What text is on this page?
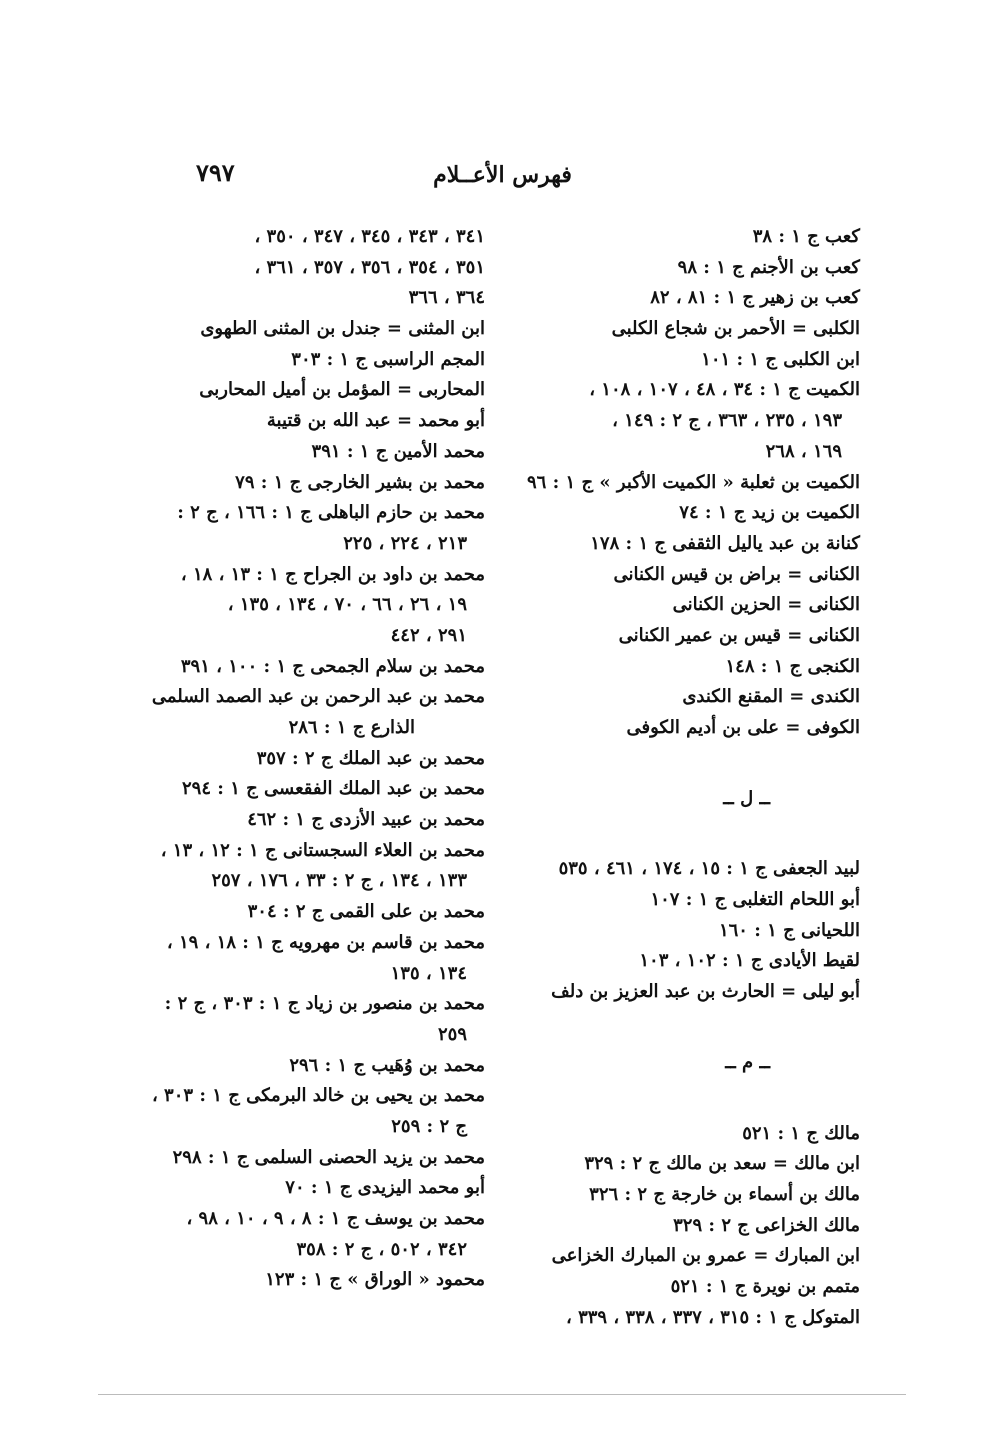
فهرس الأعــلام
٧٩٧
كعب ج ١ : ٣٨
كعب بن الأجنم ج ١ : ٩٨
كعب بن زهير ج ١ : ٨١ ، ٨٢
الكلبى = الأحمر بن شجاع الكلبى
ابن الكلبى ج ١ : ١٠١
الكميت ج ١ : ٣٤ ، ٤٨ ، ١٠٧ ، ١٠٨ ،
١٩٣ ، ٢٣٥ ، ٣٦٣ ، ج ٢ : ١٤٩ ،
١٦٩ ، ٢٦٨
الكميت بن ثعلبة « الكميت الأكبر » ج ١ : ٩٦
الكميت بن زيد ج ١ : ٧٤
كنانة بن عبد ياليل الثقفى ج ١ : ١٧٨
الكنانى = براض بن قيس الكنانى
الكنانى = الحزين الكنانى
الكنانى = قيس بن عمير الكنانى
الكنجى ج ١ : ١٤٨
الكندى = المقنع الكندى
الكوفى = على بن أديم الكوفى
ــ ل ــ
لبيد الجعفى ج ١ : ١٥ ، ١٧٤ ، ٤٦١ ، ٥٣٥
أبو اللحام التغلبى ج ١ : ١٠٧
اللحيانى ج ١ : ١٦٠
لقيط الأيادى ج ١ : ١٠٢ ، ١٠٣
أبو ليلى = الحارث بن عبد العزيز بن دلف
ــ م ــ
مالك ج ١ : ٥٢١
ابن مالك = سعد بن مالك ج ٢ : ٣٢٩
مالك بن أسماء بن خارجة ج ٢ : ٣٢٦
مالك الخزاعى ج ٢ : ٣٢٩
ابن المبارك = عمرو بن المبارك الخزاعى
متمم بن نويرة ج ١ : ٥٢١
المتوكل ج ١ : ٣١٥ ، ٣٣٧ ، ٣٣٨ ، ٣٣٩ ،
٣٤١ ، ٣٤٣ ، ٣٤٥ ، ٣٤٧ ، ٣٥٠ ،
٣٥١ ، ٣٥٤ ، ٣٥٦ ، ٣٥٧ ، ٣٦١ ،
٣٦٤ ، ٣٦٦
ابن المثنى = جندل بن المثنى الطهوى
المجم الراسبى ج ١ : ٣٠٣
المحاربى = المؤمل بن أميل المحاربى
أبو محمد = عبد الله بن قتيبة
محمد الأمين ج ١ : ٣٩١
محمد بن بشير الخارجى ج ١ : ٧٩
محمد بن حازم الباهلى ج ١ : ١٦٦ ، ج ٢ :
٢١٣ ، ٢٢٤ ، ٢٢٥
محمد بن داود بن الجراح ج ١ : ١٣ ، ١٨ ،
١٩ ، ٢٦ ، ٦٦ ، ٧٠ ، ١٣٤ ، ١٣٥ ،
٢٩١ ، ٤٤٢
محمد بن سلام الجمحى ج ١ : ١٠٠ ، ٣٩١
محمد بن عبد الرحمن بن عبد الصمد السلمى
الذارع ج ١ : ٢٨٦
محمد بن عبد الملك ج ٢ : ٣٥٧
محمد بن عبد الملك الفقعسى ج ١ : ٢٩٤
محمد بن عبيد الأزدى ج ١ : ٤٦٢
محمد بن العلاء السجستانى ج ١ : ١٢ ، ١٣ ،
١٣٣ ، ١٣٤ ، ج ٢ : ٣٣ ، ١٧٦ ، ٢٥٧
محمد بن على القمى ج ٢ : ٣٠٤
محمد بن قاسم بن مهرويه ج ١ : ١٨ ، ١٩ ،
١٣٤ ، ١٣٥
محمد بن منصور بن زياد ج ١ : ٣٠٣ ، ج ٢ :
٢٥٩
محمد بن وُهَيب ج ١ : ٢٩٦
محمد بن يحيى بن خالد البرمكى ج ١ : ٣٠٣ ،
ج ٢ : ٢٥٩
محمد بن يزيد الحصنى السلمى ج ١ : ٢٩٨
أبو محمد اليزيدى ج ١ : ٧٠
محمد بن يوسف ج ١ : ٨ ، ٩ ، ١٠ ، ٩٨ ،
٣٤٢ ، ٥٠٢ ، ج ٢ : ٣٥٨
محمود « الوراق » ج ١ : ١٢٣
